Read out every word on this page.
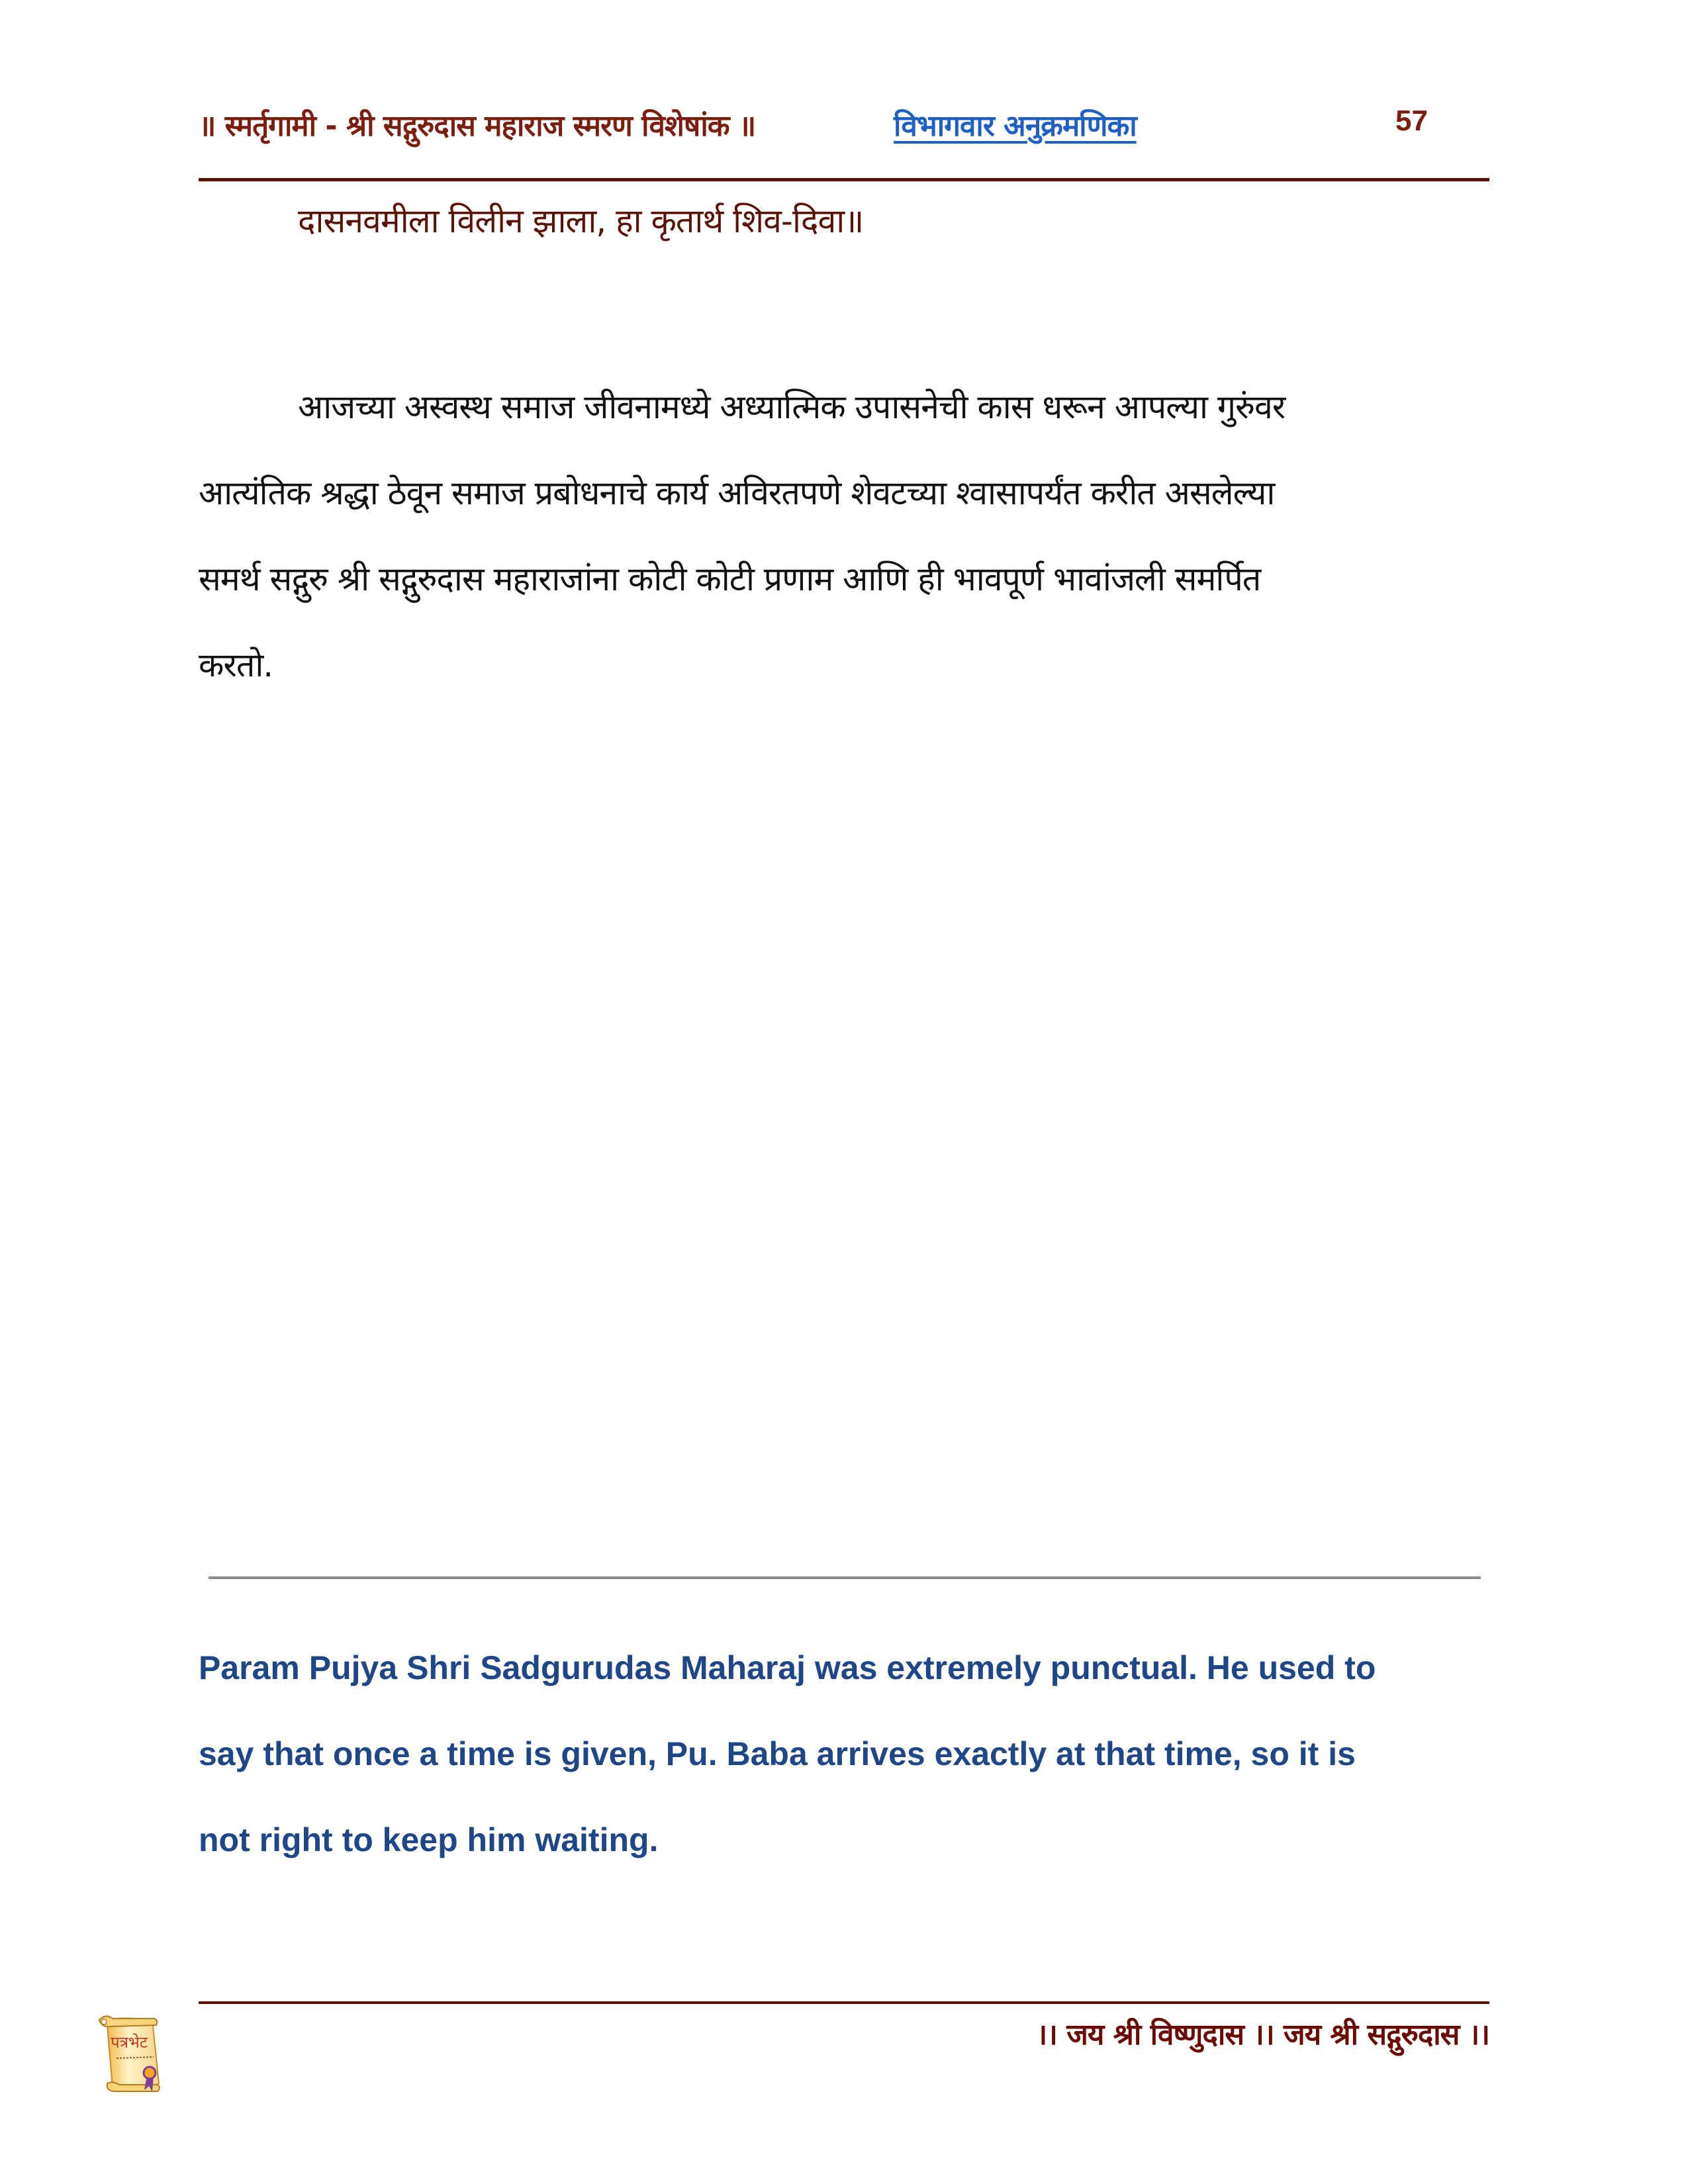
॥ स्मर्तृगामी - श्री सद्गुरुदास महाराज स्मरण विशेषांक ॥	विभागवार अनुक्रमणिका	57
दासनवमीला विलीन झाला, हा कृतार्थ शिव-दिवा॥
आजच्या अस्वस्थ समाज जीवनामध्ये अध्यात्मिक उपासनेची कास धरून आपल्या गुरुंवर
आत्यंतिक श्रद्धा ठेवून समाज प्रबोधनाचे कार्य अविरतपणे शेवटच्या श्वासापर्यंत करीत असलेल्या
समर्थ सद्गुरु श्री सद्गुरुदास महाराजांना कोटी कोटी प्रणाम आणि ही भावपूर्ण भावांजली समर्पित
करतो.
Param Pujya Shri Sadgurudas Maharaj was extremely punctual. He used to
say that once a time is given, Pu. Baba arrives exactly at that time, so it is
not right to keep him waiting.
पत्रभेट	।। जय श्री विष्णुदास ।। जय श्री सद्गुरुदास ।।
